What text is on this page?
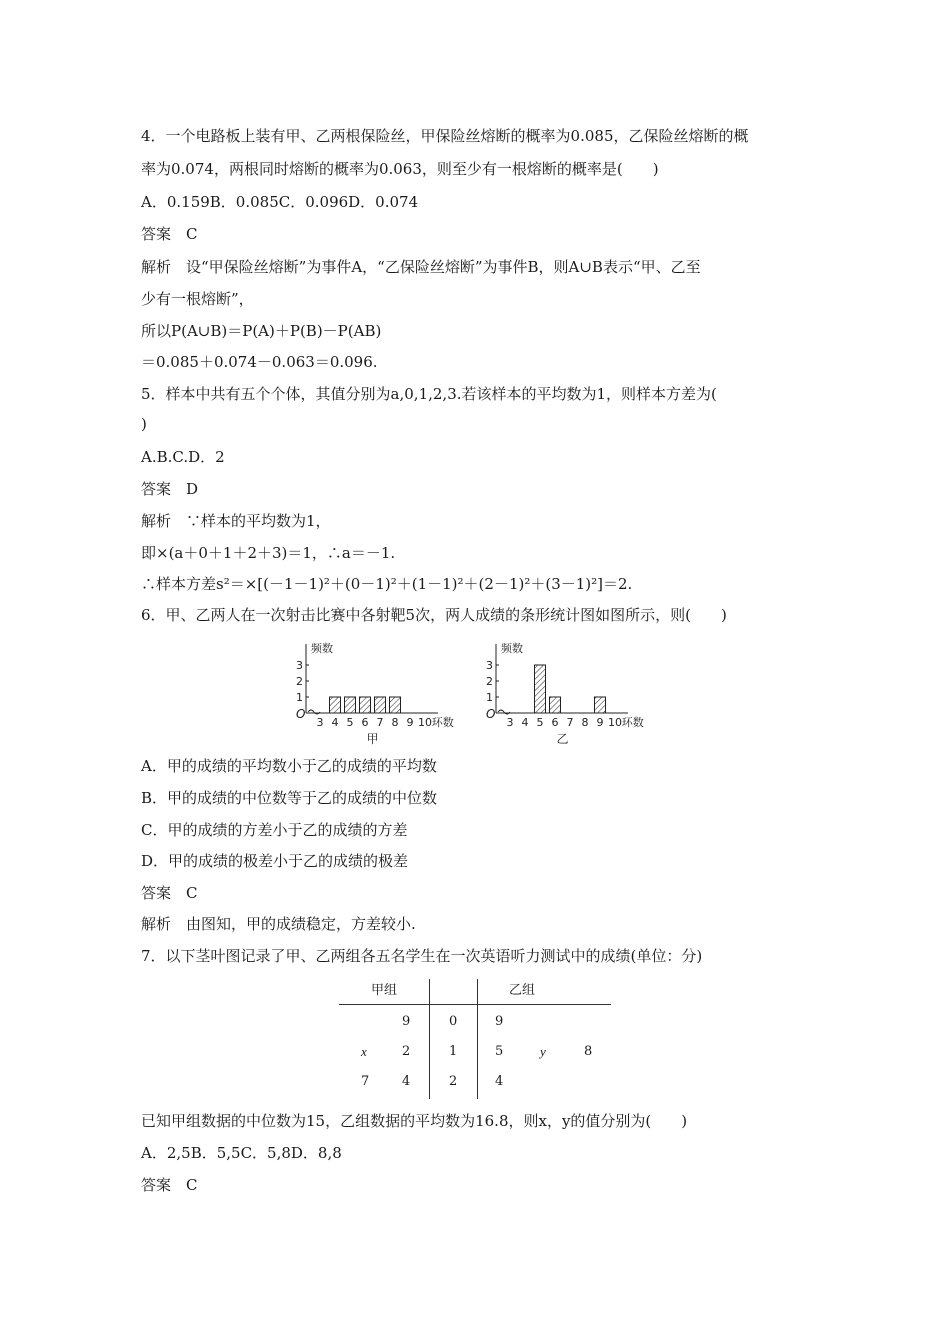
4．一个电路板上装有甲、乙两根保险丝，甲保险丝熔断的概率为0.085，乙保险丝熔断的概
率为0.074，两根同时熔断的概率为0.063，则至少有一根熔断的概率是(　　)
A．0.159B．0.085C．0.096D．0.074
答案　C
解析　设“甲保险丝熔断”为事件A，“乙保险丝熔断”为事件B，则A∪B表示“甲、乙至
少有一根熔断”，
所以P(A∪B)＝P(A)＋P(B)－P(AB)
＝0.085＋0.074－0.063＝0.096.
5．样本中共有五个个体，其值分别为a,0,1,2,3.若该样本的平均数为1，则样本方差为(
)
A.B.C.D．2
答案　D
解析　∵样本的平均数为1，
即×(a＋0＋1＋2＋3)＝1，∴a＝－1.
∴样本方差s²＝×[(－1－1)²＋(0－1)²＋(1－1)²＋(2－1)²＋(3－1)²]＝2.
6．甲、乙两人在一次射击比赛中各射靶5次，两人成绩的条形统计图如图所示，则(　　)
O
1
2
3
频数
3 4 5 6 7 8 9 10 环数
甲
O
1
2
3
频数
3 4 5 6 7 8 9 10 环数
乙
A．甲的成绩的平均数小于乙的成绩的平均数
B．甲的成绩的中位数等于乙的成绩的中位数
C．甲的成绩的方差小于乙的成绩的方差
D．甲的成绩的极差小于乙的成绩的极差
答案　C
解析　由图知，甲的成绩稳定，方差较小.
7．以下茎叶图记录了甲、乙两组各五名学生在一次英语听力测试中的成绩(单位：分)
甲组	乙组
9	0	9
x	2	1	5	y	8
7	4	2	4
已知甲组数据的中位数为15，乙组数据的平均数为16.8，则x，y的值分别为(　　)
A．2,5B．5,5C．5,8D．8,8
答案　C
